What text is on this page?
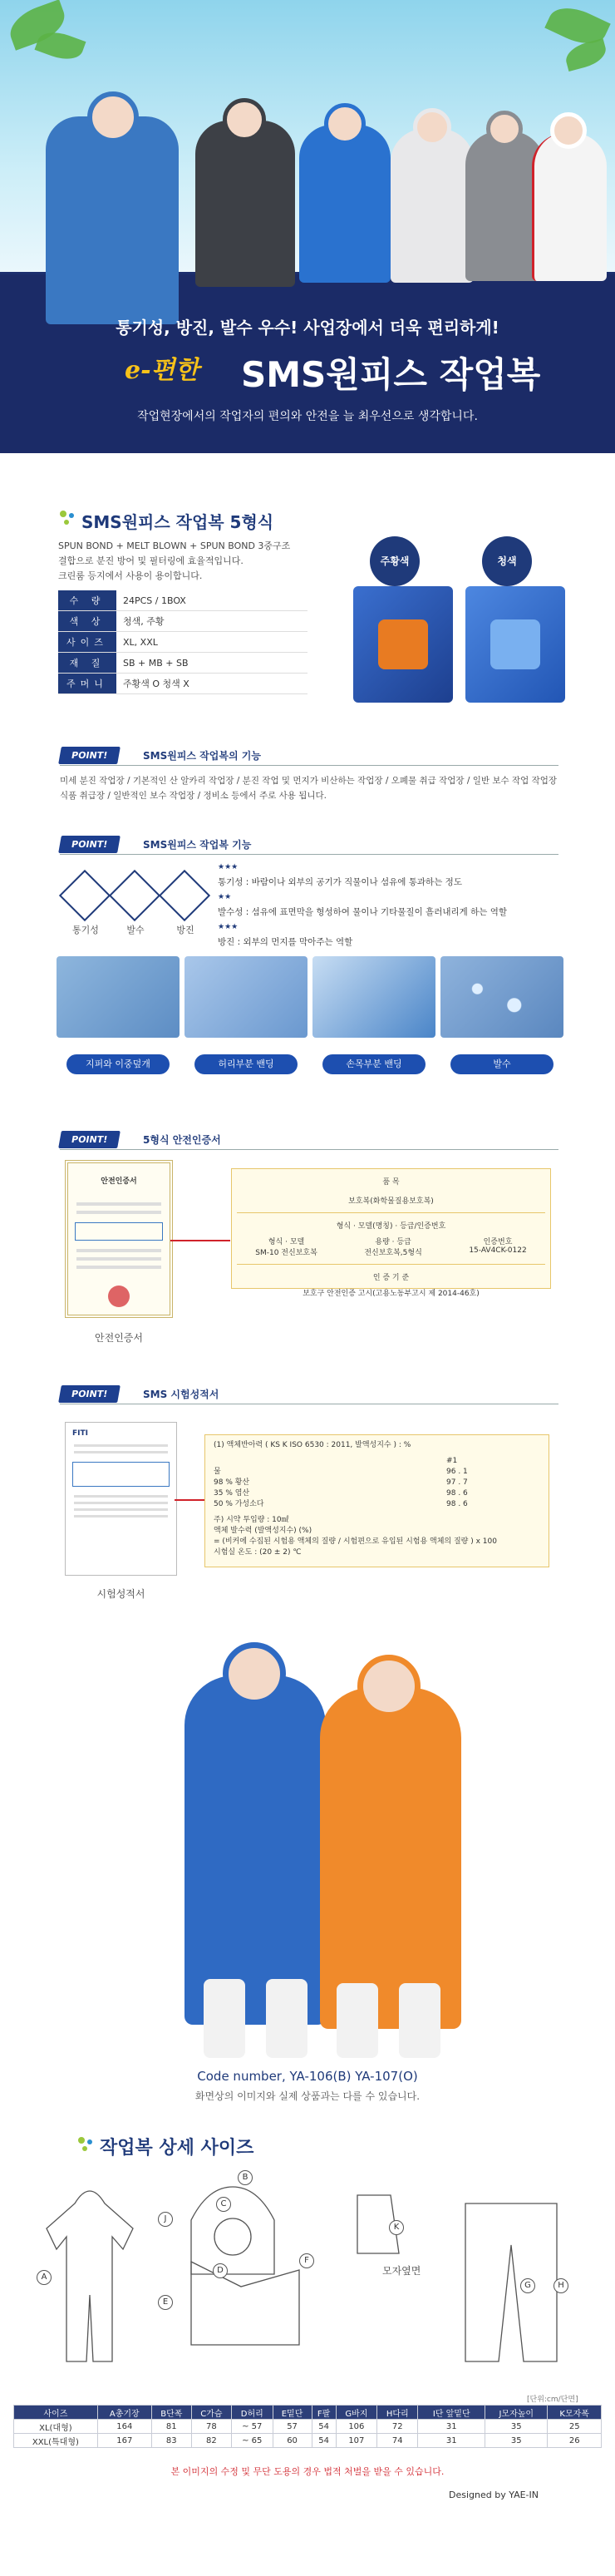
통기성, 방진, 발수 우수! 사업장에서 더욱 편리하게!
e-편한 SMS원피스 작업복
작업현장에서의 작업자의 편의와 안전을 늘 최우선으로 생각합니다.
SMS원피스 작업복 5형식
SPUN BOND + MELT BLOWN + SPUN BOND 3중구조
결합으로 분진 방어 및 필터링에 효율적입니다.
크린룸 등지에서 사용이 용이합니다.
수 량	24PCS / 1BOX
색 상	청색, 주황
사이즈	XL, XXL
재 질	SB + MB + SB
주머니	주황색 O 청색 X
주황색	청색
POINT!	SMS원피스 작업복의 기능
미세 분진 작업장 / 기본적인 산 알카리 작업장 / 분진 작업 및 먼지가 비산하는 작업장 / 오폐물 취급 작업장 / 일반 보수 작업 작업장
식품 취급장 / 일반적인 보수 작업장 / 정비소 등에서 주로 사용 됩니다.
POINT!	SMS원피스 작업복 기능
통기성	발수	방진
★★★
통기성 : 바람이나 외부의 공기가 직물이나 섬유에 통과하는 정도
★★
발수성 : 섬유에 표면막을 형성하여 물이나 기타물질이 흘러내리게 하는 역할
★★★
방진 : 외부의 먼지를 막아주는 역할
지퍼와 이중덮개	허리부분 밴딩	손목부분 밴딩	발수
POINT!	5형식 안전인증서
안전인증서
안전인증서
품 목
보호복(화학물질용보호복)
형식 · 모델(명칭) · 등급/인증번호
형식 · 모델
SM-10 전신보호복
용량 · 등급
전신보호복,5형식
인증번호
15-AV4CK-0122
인 증 기 준
보호구 안전인증 고시(고용노동부고시 제 2014-46호)
POINT!	SMS 시험성적서
FITI
시험성적서
(1) 액체반아력 ( KS K ISO 6530 : 2011, 발액성지수 ) : %
#1
물	96 . 1
98 % 황산	97 . 7
35 % 염산	98 . 6
50 % 가성소다	98 . 6
주) 시약 투입량 : 10㎖
액체 발수력 (발액성지수) (%)
= (비커에 수집된 시험용 액체의 질량 / 시험편으로 유입된 시험용 액체의 질량 ) x 100
시험실 온도 : (20 ± 2) ℃
Code number, YA-106(B) YA-107(O)
화면상의 이미지와 실제 상품과는 다를 수 있습니다.
작업복 상세 사이즈
A
B
C
D
E
F
G	H
J
K
모자옆면
[단위:cm/단면]
사이즈	A총기장	B단폭	C가슴	D허리	E밑단	F팔	G바지	H다리	I단 앞밑단	J모자높이	K모자폭
XL(대형)	164	81	78	~ 57	57	54	106	72	31	35	25
XXL(특대형)	167	83	82	~ 65	60	54	107	74	31	35	26
본 이미지의 수정 및 무단 도용의 경우 법적 처벌을 받을 수 있습니다.
Designed by YAE-IN
